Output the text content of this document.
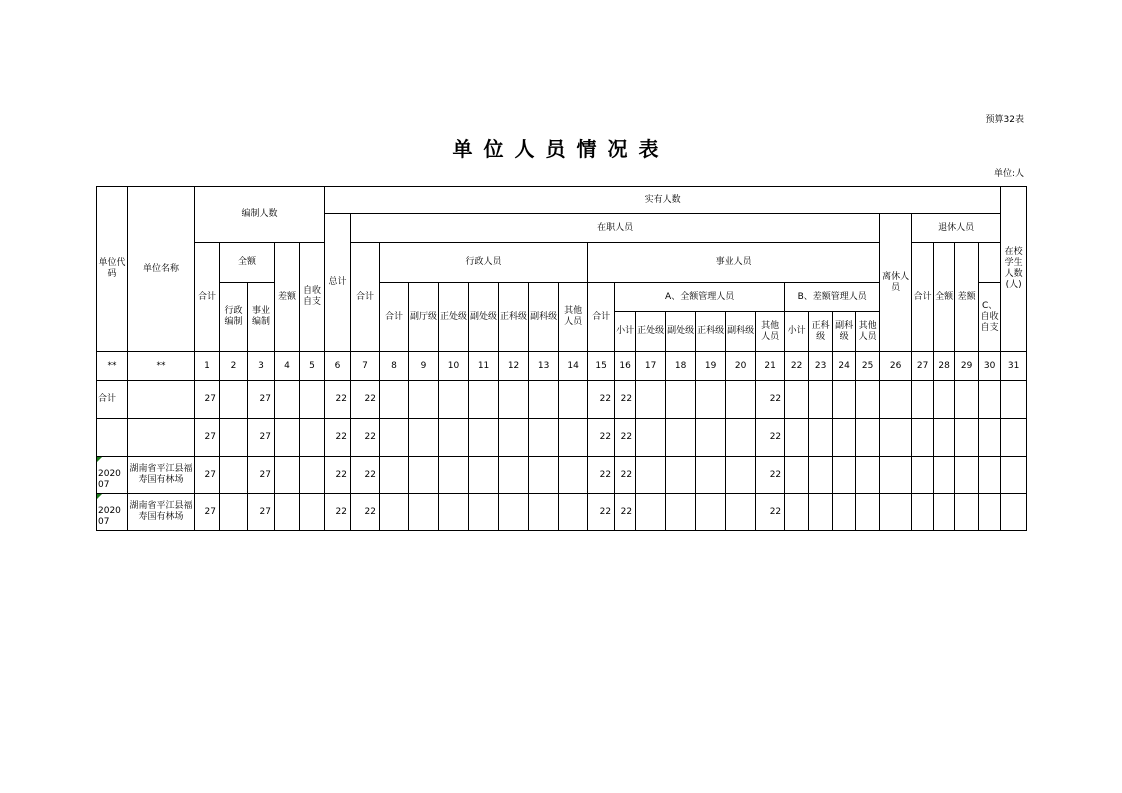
预算32表
单位人员情况表
单位:人
单位代码	单位名称	编制人数					实有人数																									在校学生人数(人)
							总计	在职人员																			离休人员	退休人员				
		合计	全额		差额	自收自支		合计	行政人员							事业人员												合计	全额	差额		
			行政编制	事业编制					合计	副厅级	正处级	副处级	正科级	副科级	其他人员	合计	A、全额管理人员						B、差额管理人员								C、自收自支	
																	小计	正处级	副处级	正科级	副科级	其他人员	小计	正科级	副科级	其他人员						
**	**	1	2	3	4	5	6	7	8	9	10	11	12	13	14	15	16	17	18	19	20	21	22	23	24	25	26	27	28	29	30	31
合计		27		27			22	22								22	22					22										
		27		27			22	22								22	22					22										

202007	湖南省平江县福寿国有林场	27		27			22	22								22	22					22										

202007	湖南省平江县福寿国有林场	27		27			22	22								22	22					22										
